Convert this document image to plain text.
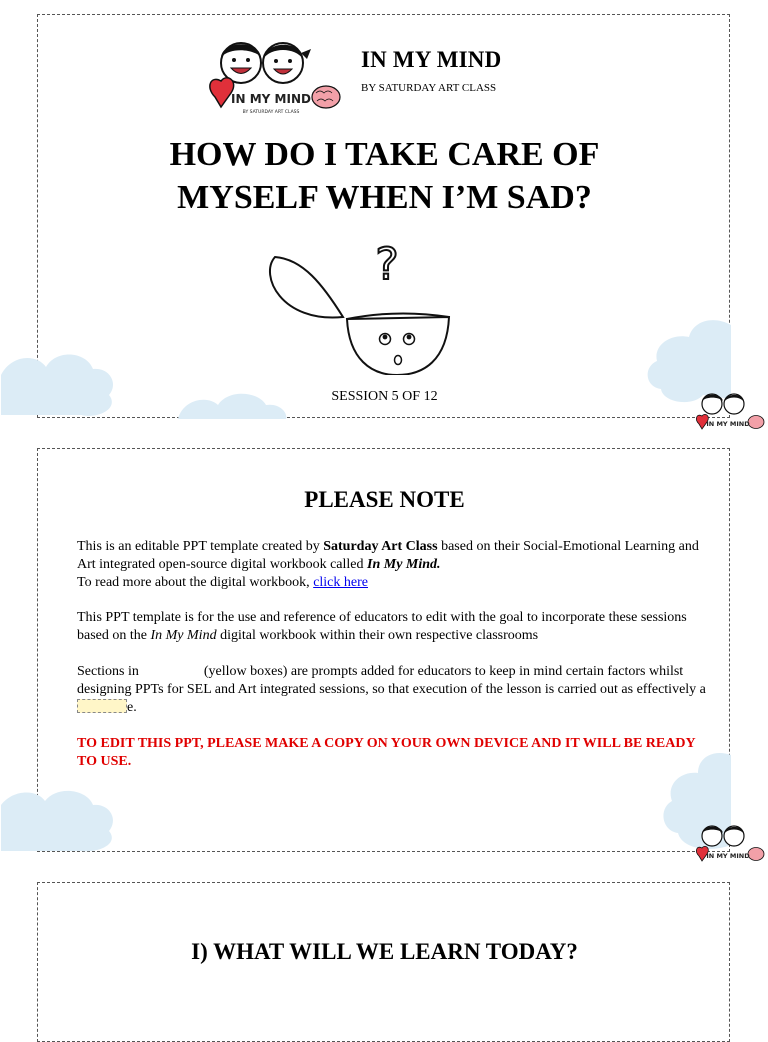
IN MY MIND
BY SATURDAY ART CLASS
IN MY MIND
BY SATURDAY ART CLASS
HOW DO I TAKE CARE OF
MYSELF WHEN I’M SAD?
?
SESSION 5 OF 12
IN MY MIND
PLEASE NOTE
This is an editable PPT template created by Saturday Art Class based on their Social-Emotional Learning and Art integrated open-source digital workbook called In My Mind.
To read more about the digital workbook, click here
This PPT template is for the use and reference of educators to edit with the goal to incorporate these sessions based on the In My Mind digital workbook within their own respective classrooms
Sections in	(yellow boxes) are prompts added for educators to keep in mind certain factors whilst designing PPTs for SEL and Art integrated sessions, so that execution of the lesson is carried out as effectively ae.
TO EDIT THIS PPT, PLEASE MAKE A COPY ON YOUR OWN DEVICE AND IT WILL BE READY TO USE.
IN MY MIND
I) WHAT WILL WE LEARN TODAY?
